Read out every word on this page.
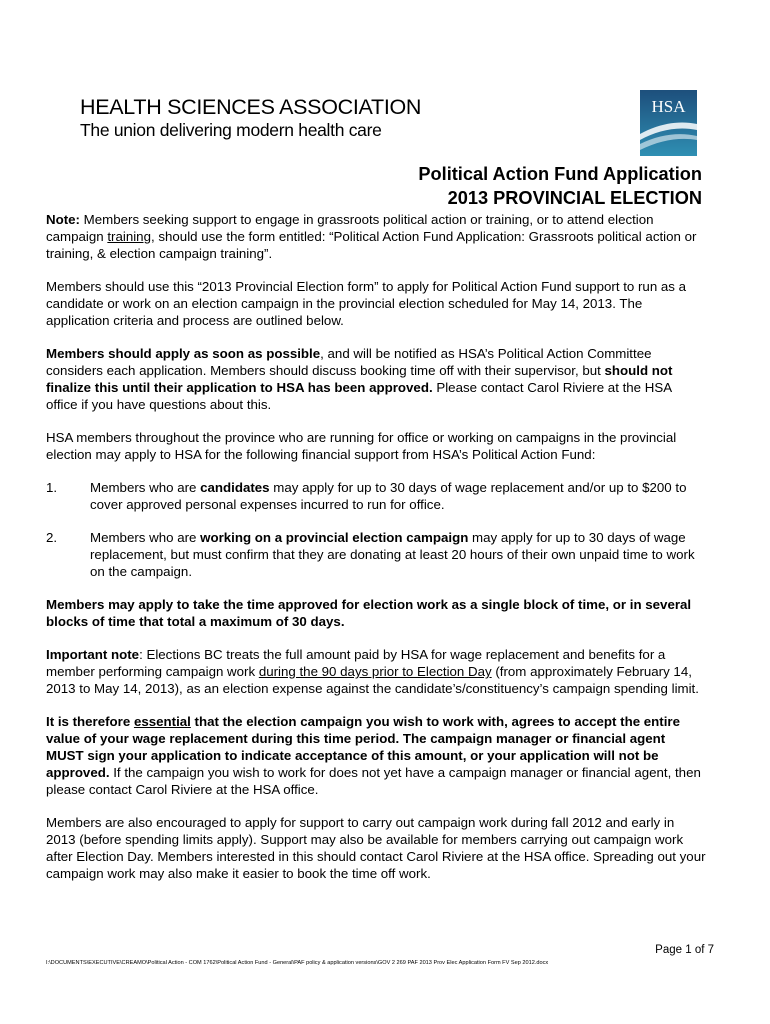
HEALTH SCIENCES ASSOCIATION
The union delivering modern health care
HSA
Political Action Fund Application
2013 PROVINCIAL ELECTION

Note: Members seeking support to engage in grassroots political action or training, or to attend election campaign training, should use the form entitled: “Political Action Fund Application: Grassroots political action or training, & election campaign training”.

Members should use this “2013 Provincial Election form” to apply for Political Action Fund support to run as a candidate or work on an election campaign in the provincial election scheduled for May 14, 2013. The application criteria and process are outlined below.

Members should apply as soon as possible, and will be notified as HSA’s Political Action Committee considers each application. Members should discuss booking time off with their supervisor, but should not finalize this until their application to HSA has been approved. Please contact Carol Riviere at the HSA office if you have questions about this.

HSA members throughout the province who are running for office or working on campaigns in the provincial election may apply to HSA for the following financial support from HSA’s Political Action Fund:

1.	Members who are candidates may apply for up to 30 days of wage replacement and/or up to $200 to cover approved personal expenses incurred to run for office.
2.	Members who are working on a provincial election campaign may apply for up to 30 days of wage replacement, but must confirm that they are donating at least 20 hours of their own unpaid time to work on the campaign.

Members may apply to take the time approved for election work as a single block of time, or in several blocks of time that total a maximum of 30 days.

Important note: Elections BC treats the full amount paid by HSA for wage replacement and benefits for a member performing campaign work during the 90 days prior to Election Day (from approximately February 14, 2013 to May 14, 2013), as an election expense against the candidate’s/constituency’s campaign spending limit.

It is therefore essential that the election campaign you wish to work with, agrees to accept the entire value of your wage replacement during this time period. The campaign manager or financial agent MUST sign your application to indicate acceptance of this amount, or your application will not be approved. If the campaign you wish to work for does not yet have a campaign manager or financial agent, then please contact Carol Riviere at the HSA office.

Members are also encouraged to apply for support to carry out campaign work during fall 2012 and early in 2013 (before spending limits apply). Support may also be available for members carrying out campaign work after Election Day. Members interested in this should contact Carol Riviere at the HSA office. Spreading out your campaign work may also make it easier to book the time off work.

Page 1 of 7
I:\DOCUMENTS\EXECUTIVE\CREAMO\Political Action - COM 1762\Political Action Fund - General\PAF policy & application versions\GOV 2 269 PAF 2013 Prov Elec Application Form FV Sep 2012.docx
